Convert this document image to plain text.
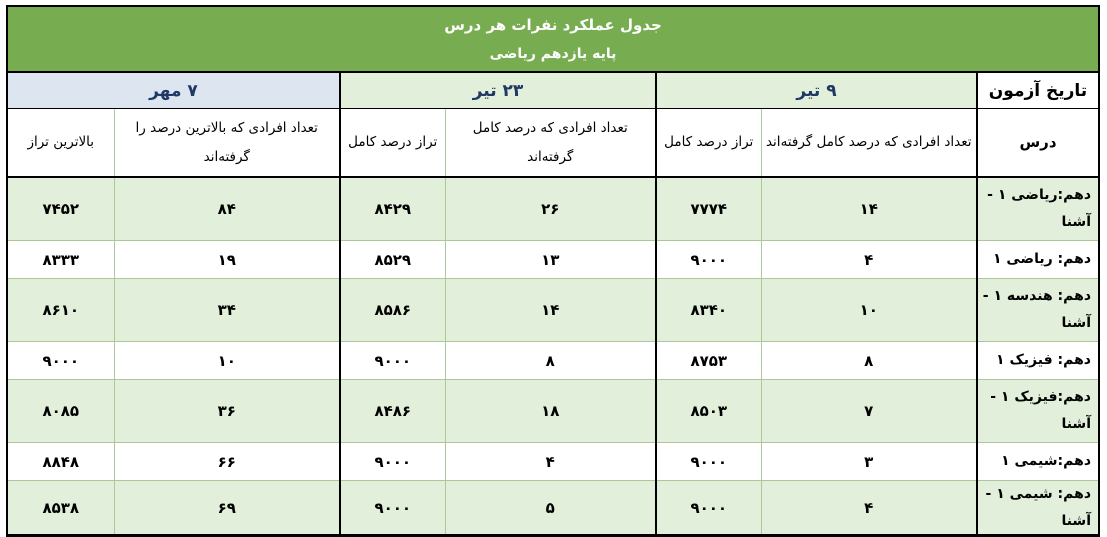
جدول عملکرد نفرات هر درس
پایه یازدهم ریاضی						

تاریخ آزمون	۹ تیر		۲۳ تیر		۷ مهر	
درس	تعداد افرادی که درصد کامل گرفته‌اند	تراز درصد کامل	تعداد افرادی که درصد کامل گرفته‌اند	تراز درصد کامل	تعداد افرادی که بالاترین درصد را گرفته‌اند	بالاترین تراز
دهم:ریاضی ۱ - آشنا	۱۴	۷۷۷۴	۲۶	۸۴۲۹	۸۴	۷۴۵۲
دهم: ریاضی ۱	۴	۹۰۰۰	۱۳	۸۵۲۹	۱۹	۸۳۳۳
دهم: هندسه ۱ - آشنا	۱۰	۸۳۴۰	۱۴	۸۵۸۶	۳۴	۸۶۱۰
دهم: فیزیک ۱	۸	۸۷۵۳	۸	۹۰۰۰	۱۰	۹۰۰۰
دهم:فیزیک ۱ - آشنا	۷	۸۵۰۳	۱۸	۸۴۸۶	۳۶	۸۰۸۵
دهم:شیمی ۱	۳	۹۰۰۰	۴	۹۰۰۰	۶۶	۸۸۴۸
دهم: شیمی ۱ - آشنا	۴	۹۰۰۰	۵	۹۰۰۰	۶۹	۸۵۳۸
